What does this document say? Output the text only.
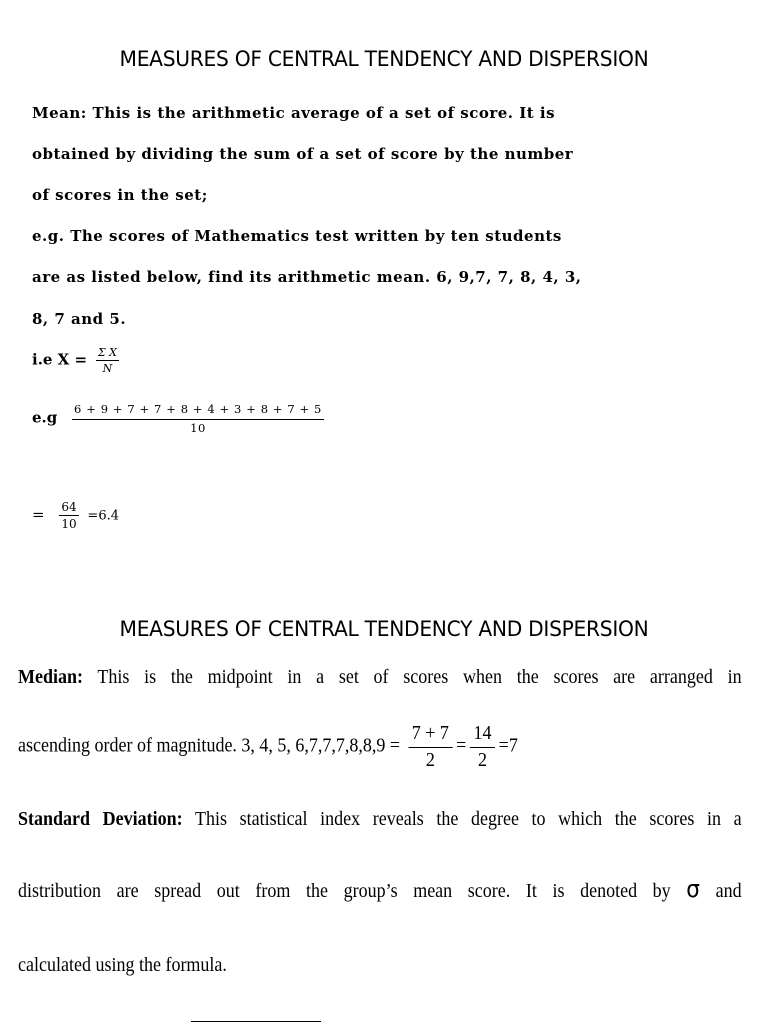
MEASURES OF CENTRAL TENDENCY AND DISPERSION
Mean: This is the arithmetic average of a set of score. It is
obtained by dividing the sum of a set of score by the number
of scores in the set;
e.g. The scores of Mathematics test written by ten students
are as listed below, find its arithmetic mean. 6, 9,7, 7, 8, 4, 3,
8, 7 and 5.
i.e $X = \frac{\text{Σ X}}{N}$
$e.g \frac{6 + 9 + 7 + 7 + 8 + 4 + 3 + 8 + 7 + 5}{10}$
= $\frac{64}{10} =6.4$
MEASURES OF CENTRAL TENDENCY AND DISPERSION
Median: This is the midpoint in a set of scores when the scores are arranged in
ascending order of magnitude. 3, 4, 5, $6,7,7,7,8,8,9 = \frac{7 + 7}{2} = \frac{14}{2} =7$
Standard Deviation: This statistical index reveals the degree to which the scores in a
distribution are spread out from the group’s mean score. It is denoted by σ and
calculated using the formula.
